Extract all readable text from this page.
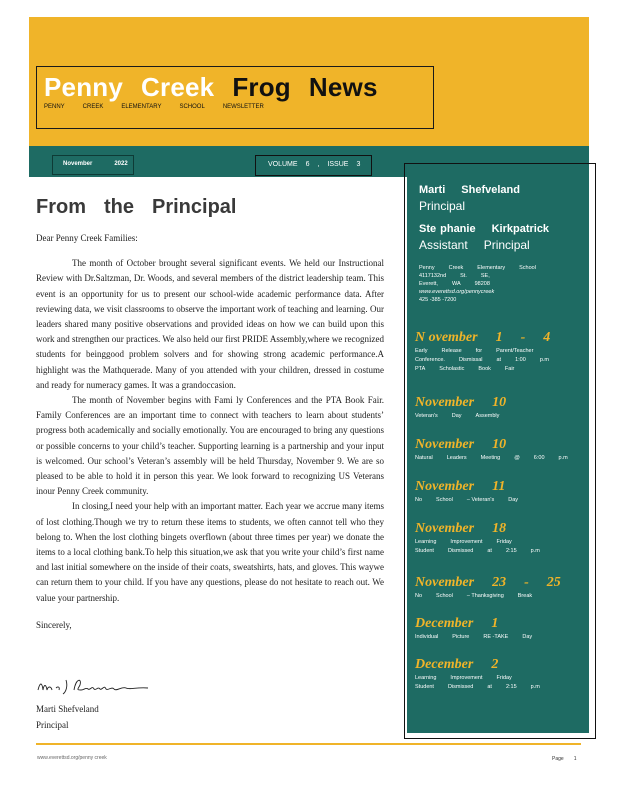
Penny Creek Frog News
PENNY	CREEK	ELEMENTARY	SCHOOL	NEWSLETTER
November	2022	VOLUME 6 , ISSUE 3
From the Principal

Dear Penny Creek Families:

The month of October brought several significant events. We held our Instructional Review with Dr.Saltzman, Dr. Woods, and several members of the district leadership team. This event is an opportunity for us to present our school-wide academic performance data. After reviewing data, we visit classrooms to observe the important work of teaching and learning. Our leaders shared many positive observations and provided ideas on how we can build upon this work and strengthen our practices. We also held our first PRIDE Assembly,where we recognized students for beinggood problem solvers and for showing strong academic performance.A highlight was the Mathquerade. Many of you attended with your children, dressed in costume and ready for numeracy games. It was a grandoccasion.

The month of November begins with Fami ly Conferences and the PTA Book Fair. Family Conferences are an important time to connect with teachers to learn about students’ progress both academically and socially emotionally. You are encouraged to bring any questions or possible concerns to your child’s teacher. Supporting learning is a partnership and your input is welcomed. Our school’s Veteran’s assembly will be held Thursday, November 9. We are so pleased to be able to hold it in person this year. We look forward to recognizing US Veterans inour Penny Creek community.

In closing,I need your help with an important matter. Each year we accrue many items of lost clothing.Though we try to return these items to students, we often cannot tell who they belong to. When the lost clothing bingets overflown (about three times per year) we donate the items to a local clothing bank.To help this situation,we ask that you write your child’s first name and last initial somewhere on the inside of their coats, sweatshirts, hats, and gloves. This waywe can return them to your child. If you have any questions, please do not hesitate to reach out. We value your partnership.

Sincerely,

Marti Shefveland
Principal
Marti Shefveland
Principal
Ste phanie Kirkpatrick
Assistant Principal
Penny	Creek	Elementary	School
4117132nd	St.	SE,
Everett,	WA	98208
www.everettsd.org/pennycreek
425 -385 -7200
N ovember 1 - 4
Early	Release	for	Parent/Teacher
Conference.	Dismissal	at	1:00	p.m
PTA	Scholastic	Book	Fair
November 10
Veteran's	Day	Assembly
November 10
Natural	Leaders	Meeting	@	6:00	p.m
November 11
No	School	– Veteran's	Day
November 18
Learning	Improvement	Friday
Student	Dismissed	at	2:15	p.m
November 23 - 25
No	School	– Thanksgiving	Break
December 1
Individual	Picture	RE -TAKE	Day
December 2
Learning	Improvement	Friday
Student	Dismissed	at	2:15	p.m
www.everettsd.org/penny creek	Page 1
